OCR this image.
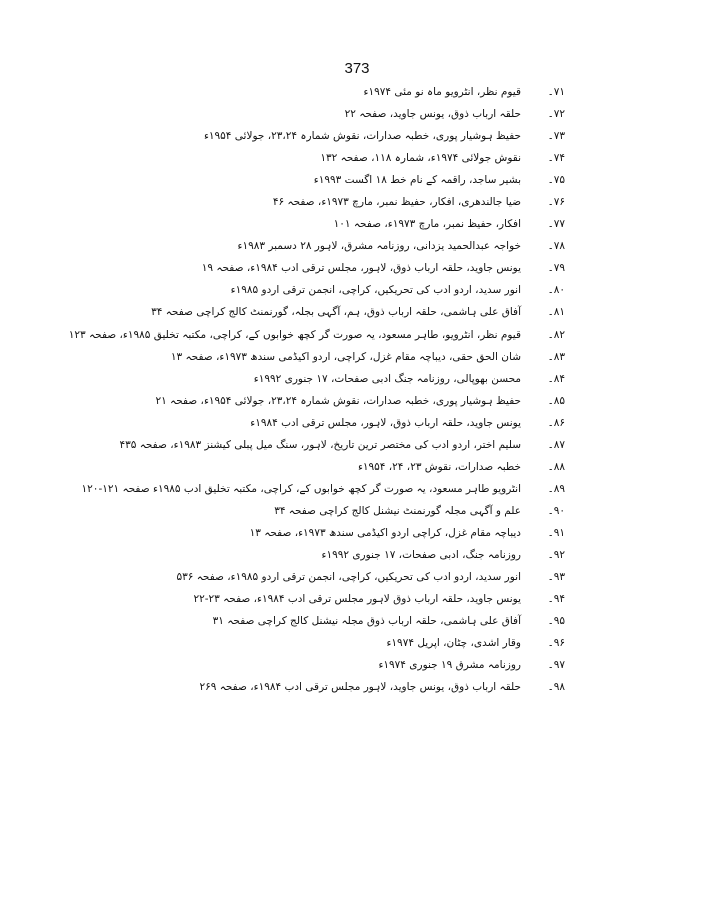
373
۷۱۔
قیوم نظر، انٹرویو ماہ نو مئی ۱۹۷۴ء
۷۲۔
حلقہ ارباب ذوق، یونس جاوید، صفحہ ۲۲
۷۳۔
حفیظ ہوشیار پوری، خطبہ صدارات، نقوش شمارہ ۲۳،۲۴، جولائی ۱۹۵۴ء
۷۴۔
نقوش جولائی ۱۹۷۴ء، شمارہ ۱۱۸، صفحہ ۱۳۲
۷۵۔
بشیر ساجد، راقمہ کے نام خط ۱۸ اگست ۱۹۹۳ء
۷۶۔
ضیا جالندھری، افکار، حفیظ نمبر، مارچ ۱۹۷۳ء، صفحہ ۴۶
۷۷۔
افکار، حفیظ نمبر، مارچ ۱۹۷۳ء، صفحہ ۱۰۱
۷۸۔
خواجہ عبدالحمید یزدانی، روزنامہ مشرق، لاہور ۲۸ دسمبر ۱۹۸۳ء
۷۹۔
یونس جاوید، حلقہ ارباب ذوق، لاہور، مجلس ترقی ادب ۱۹۸۴ء، صفحہ ۱۹
۸۰۔
انور سدید، اردو ادب کی تحریکیں، کراچی، انجمن ترقی اردو ۱۹۸۵ء
۸۱۔
آفاق علی ہاشمی، حلقہ ارباب ذوق، ہم، آگہی بجلہ، گورنمنٹ کالج کراچی صفحہ ۳۴
۸۲۔
قیوم نظر، انٹرویو، طاہر مسعود، یہ صورت گر کچھ خوابوں کے، کراچی، مکتبہ تخلیق ۱۹۸۵ء، صفحہ ۱۲۳
۸۳۔
شان الحق حقی، دیباچہ مقام غزل، کراچی، اردو اکیڈمی سندھ ۱۹۷۳ء، صفحہ ۱۳
۸۴۔
محسن بھوپالی، روزنامہ جنگ ادبی صفحات، ۱۷ جنوری ۱۹۹۲ء
۸۵۔
حفیظ ہوشیار پوری، خطبہ صدارات، نقوش شمارہ ۲۳،۲۴، جولائی ۱۹۵۴ء، صفحہ ۲۱
۸۶۔
یونس جاوید، حلقہ ارباب ذوق، لاہور، مجلس ترقی ادب ۱۹۸۴ء
۸۷۔
سلیم اختر، اردو ادب کی مختصر ترین تاریخ، لاہور، سنگ میل پبلی کیشنز ۱۹۸۳ء، صفحہ ۴۳۵
۸۸۔
خطبہ صدارات، نقوش ۲۳، ۲۴، ۱۹۵۴ء
۸۹۔
انٹرویو طاہر مسعود، یہ صورت گر کچھ خوابوں کے، کراچی، مکتبہ تخلیق ادب ۱۹۸۵ء صفحہ ۱۲۱-۱۲۰
۹۰۔
علم و آگہی مجلہ گورنمنٹ نیشنل کالج کراچی صفحہ ۳۴
۹۱۔
دیباچہ مقام غزل، کراچی اردو اکیڈمی سندھ ۱۹۷۳ء، صفحہ ۱۳
۹۲۔
روزنامہ جنگ، ادبی صفحات، ۱۷ جنوری ۱۹۹۲ء
۹۳۔
انور سدید، اردو ادب کی تحریکیں، کراچی، انجمن ترقی اردو ۱۹۸۵ء، صفحہ ۵۳۶
۹۴۔
یونس جاوید، حلقہ ارباب ذوق لاہور مجلس ترقی ادب ۱۹۸۴ء، صفحہ ۲۳-۲۲
۹۵۔
آفاق علی ہاشمی، حلقہ ارباب ذوق مجلہ نیشنل کالج کراچی صفحہ ۳۱
۹۶۔
وقار اشدی، چٹان، اپریل ۱۹۷۴ء
۹۷۔
روزنامہ مشرق ۱۹ جنوری ۱۹۷۴ء
۹۸۔
حلقہ ارباب ذوق، یونس جاوید، لاہور مجلس ترقی ادب ۱۹۸۴ء، صفحہ ۲۶۹
